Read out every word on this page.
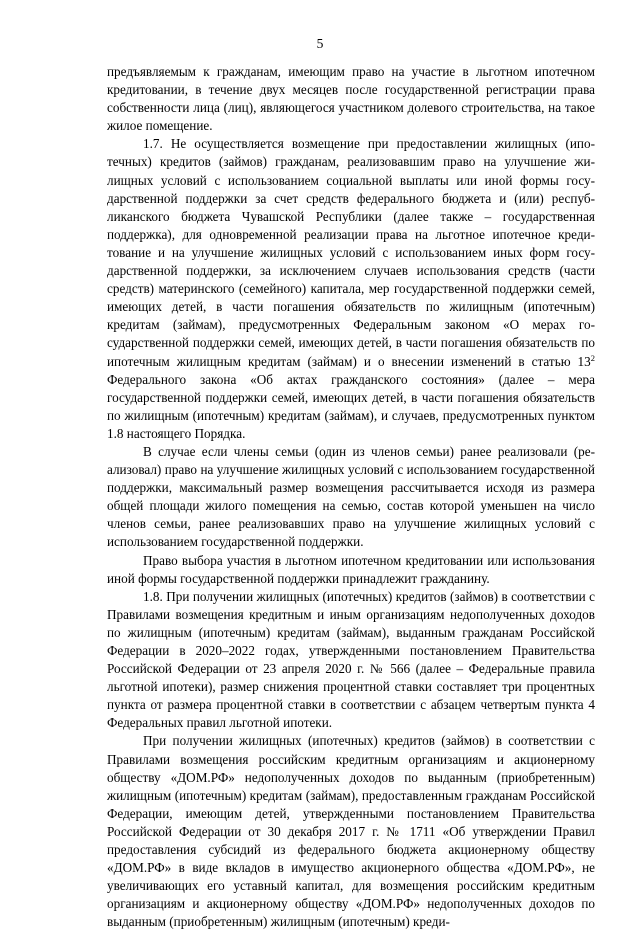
5

предъявляемым к гражданам, имеющим право на участие в льготном ипотечном кредитовании, в течение двух месяцев после государственной регистрации права собственности лица (лиц), являющегося участником долевого строительства, на такое жилое помещение.

1.7. Не осуществляется возмещение при предоставлении жилищных (ипотечных) кредитов (займов) гражданам, реализовавшим право на улучшение жилищных условий с использованием социальной выплаты или иной формы государственной поддержки за счет средств федерального бюджета и (или) республиканского бюджета Чувашской Республики (далее также – государственная поддержка), для одновременной реализации права на льготное ипотечное кредитование и на улучшение жилищных условий с использованием иных форм государственной поддержки, за исключением случаев использования средств (части средств) материнского (семейного) капитала, мер государственной поддержки семей, имеющих детей, в части погашения обязательств по жилищным (ипотечным) кредитам (займам), предусмотренных Федеральным законом «О мерах государственной поддержки семей, имеющих детей, в части погашения обязательств по ипотечным жилищным кредитам (займам) и о внесении изменений в статью $13^2$ Федерального закона «Об актах гражданского состояния» (далее – мера государственной поддержки семей, имеющих детей, в части погашения обязательств по жилищным (ипотечным) кредитам (займам), и случаев, предусмотренных пунктом 1.8 настоящего Порядка.

В случае если члены семьи (один из членов семьи) ранее реализовали (реализовал) право на улучшение жилищных условий с использованием государственной поддержки, максимальный размер возмещения рассчитывается исходя из размера общей площади жилого помещения на семью, состав которой уменьшен на число членов семьи, ранее реализовавших право на улучшение жилищных условий с использованием государственной поддержки.

Право выбора участия в льготном ипотечном кредитовании или использования иной формы государственной поддержки принадлежит гражданину.

1.8. При получении жилищных (ипотечных) кредитов (займов) в соответствии с Правилами возмещения кредитным и иным организациям недополученных доходов по жилищным (ипотечным) кредитам (займам), выданным гражданам Российской Федерации в 2020–2022 годах, утвержденными постановлением Правительства Российской Федерации от 23 апреля 2020 г. № 566 (далее – Федеральные правила льготной ипотеки), размер снижения процентной ставки составляет три процентных пункта от размера процентной ставки в соответствии с абзацем четвертым пункта 4 Федеральных правил льготной ипотеки.

При получении жилищных (ипотечных) кредитов (займов) в соответствии с Правилами возмещения российским кредитным организациям и акционерному обществу «ДОМ.РФ» недополученных доходов по выданным (приобретенным) жилищным (ипотечным) кредитам (займам), предоставленным гражданам Российской Федерации, имеющим детей, утвержденными постановлением Правительства Российской Федерации от 30 декабря 2017 г. № 1711 «Об утверждении Правил предоставления субсидий из федерального бюджета акционерному обществу «ДОМ.РФ» в виде вкладов в имущество акционерного общества «ДОМ.РФ», не увеличивающих его уставный капитал, для возмещения российским кредитным организациям и акционерному обществу «ДОМ.РФ» недополученных доходов по выданным (приобретенным) жилищным (ипотечным) креди-
